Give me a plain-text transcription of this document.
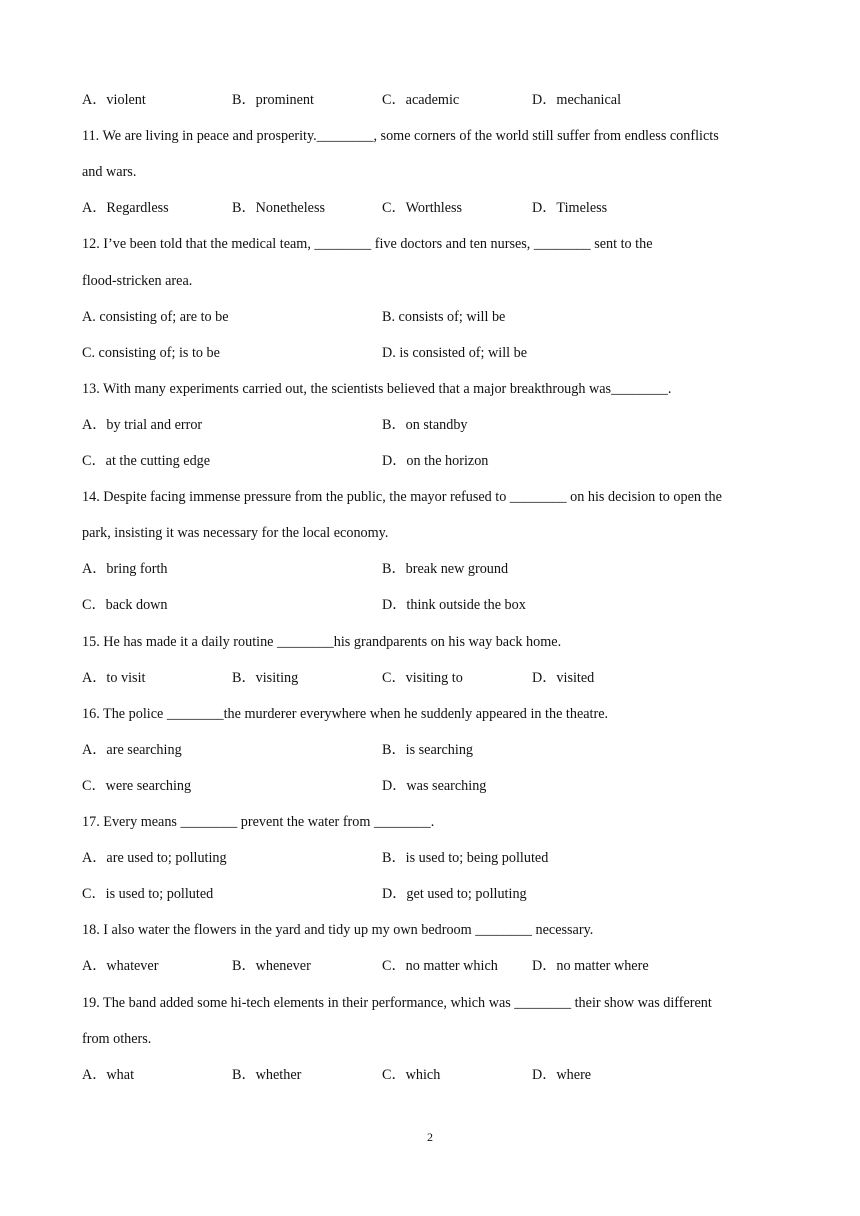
A．violent	B．prominent	C．academic	D．mechanical
11. We are living in peace and prosperity.________, some corners of the world still suffer from endless conflicts
and wars.
A．Regardless	B．Nonetheless	C．Worthless	D．Timeless
12. I’ve been told that the medical team, ________ five doctors and ten nurses, ________ sent to the
flood-stricken area.
A. consisting of; are to be	B. consists of; will be
C. consisting of; is to be	D. is consisted of; will be
13. With many experiments carried out, the scientists believed that a major breakthrough was________.
A．by trial and error	B．on standby
C．at the cutting edge	D．on the horizon
14. Despite facing immense pressure from the public, the mayor refused to ________ on his decision to open the
park, insisting it was necessary for the local economy.
A．bring forth	B．break new ground
C．back down	D．think outside the box
15. He has made it a daily routine ________his grandparents on his way back home.
A．to visit	B．visiting	C．visiting to	D．visited
16. The police ________the murderer everywhere when he suddenly appeared in the theatre.
A．are searching	B．is searching
C．were searching	D．was searching
17. Every means ________ prevent the water from ________.
A．are used to; polluting	B．is used to; being polluted
C．is used to; polluted	D．get used to; polluting
18. I also water the flowers in the yard and tidy up my own bedroom ________ necessary.
A．whatever	B．whenever	C．no matter which D．no matter where
19. The band added some hi-tech elements in their performance, which was ________ their show was different
from others.
A．what	B．whether	C．which	D．where
2
